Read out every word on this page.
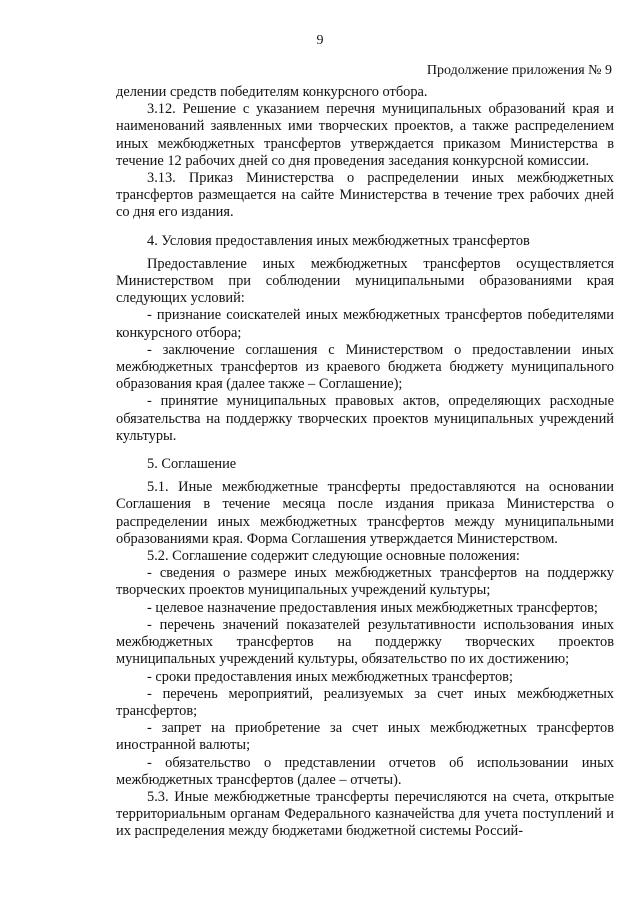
9
Продолжение приложения № 9

делении средств победителям конкурсного отбора.

3.12. Решение с указанием перечня муниципальных образований края и наименований заявленных ими творческих проектов, а также распределением иных межбюджетных трансфертов утверждается приказом Министерства в течение 12 рабочих дней со дня проведения заседания конкурсной комиссии.

3.13. Приказ Министерства о распределении иных межбюджетных трансфертов размещается на сайте Министерства в течение трех рабочих дней со дня его издания.

4. Условия предоставления иных межбюджетных трансфертов

Предоставление иных межбюджетных трансфертов осуществляется Министерством при соблюдении муниципальными образованиями края следующих условий:

- признание соискателей иных межбюджетных трансфертов победителями конкурсного отбора;

- заключение соглашения с Министерством о предоставлении иных межбюджетных трансфертов из краевого бюджета бюджету муниципального образования края (далее также – Соглашение);

- принятие муниципальных правовых актов, определяющих расходные обязательства на поддержку творческих проектов муниципальных учреждений культуры.

5. Соглашение

5.1. Иные межбюджетные трансферты предоставляются на основании Соглашения в течение месяца после издания приказа Министерства о распределении иных межбюджетных трансфертов между муниципальными образованиями края. Форма Соглашения утверждается Министерством.

5.2. Соглашение содержит следующие основные положения:

- сведения о размере иных межбюджетных трансфертов на поддержку творческих проектов муниципальных учреждений культуры;

- целевое назначение предоставления иных межбюджетных трансфертов;

- перечень значений показателей результативности использования иных межбюджетных трансфертов на поддержку творческих проектов муниципальных учреждений культуры, обязательство по их достижению;

- сроки предоставления иных межбюджетных трансфертов;

- перечень мероприятий, реализуемых за счет иных межбюджетных трансфертов;

- запрет на приобретение за счет иных межбюджетных трансфертов иностранной валюты;

- обязательство о представлении отчетов об использовании иных межбюджетных трансфертов (далее – отчеты).

5.3. Иные межбюджетные трансферты перечисляются на счета, открытые территориальным органам Федерального казначейства для учета поступлений и их распределения между бюджетами бюджетной системы Россий-
